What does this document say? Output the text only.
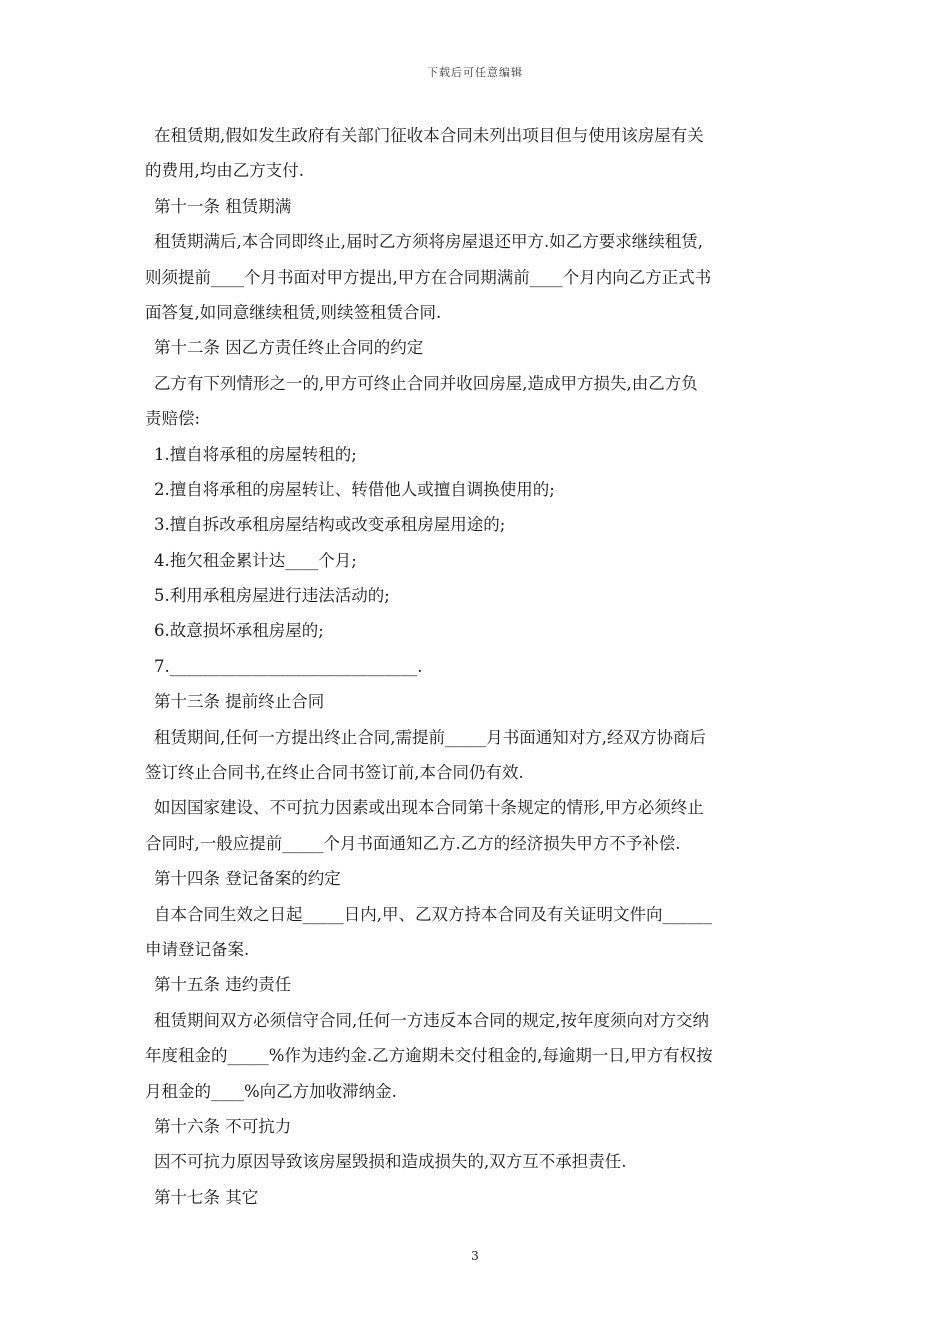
下载后可任意编辑
在租赁期,假如发生政府有关部门征收本合同未列出项目但与使用该房屋有关
的费用,均由乙方支付.
第十一条 租赁期满
租赁期满后,本合同即终止,届时乙方须将房屋退还甲方.如乙方要求继续租赁,
则须提前____个月书面对甲方提出,甲方在合同期满前____个月内向乙方正式书
面答复,如同意继续租赁,则续签租赁合同.
第十二条 因乙方责任终止合同的约定
乙方有下列情形之一的,甲方可终止合同并收回房屋,造成甲方损失,由乙方负
责赔偿:
1.擅自将承租的房屋转租的;
2.擅自将承租的房屋转让、转借他人或擅自调换使用的;
3.擅自拆改承租房屋结构或改变承租房屋用途的;
4.拖欠租金累计达____个月;
5.利用承租房屋进行违法活动的;
6.故意损坏承租房屋的;
7.______________________________.
第十三条 提前终止合同
租赁期间,任何一方提出终止合同,需提前_____月书面通知对方,经双方协商后
签订终止合同书,在终止合同书签订前,本合同仍有效.
如因国家建设、不可抗力因素或出现本合同第十条规定的情形,甲方必须终止
合同时,一般应提前_____个月书面通知乙方.乙方的经济损失甲方不予补偿.
第十四条 登记备案的约定
自本合同生效之日起_____日内,甲、乙双方持本合同及有关证明文件向______
申请登记备案.
第十五条 违约责任
租赁期间双方必须信守合同,任何一方违反本合同的规定,按年度须向对方交纳
年度租金的_____%作为违约金.乙方逾期未交付租金的,每逾期一日,甲方有权按
月租金的____%向乙方加收滞纳金.
第十六条 不可抗力
因不可抗力原因导致该房屋毁损和造成损失的,双方互不承担责任.
第十七条 其它
3
